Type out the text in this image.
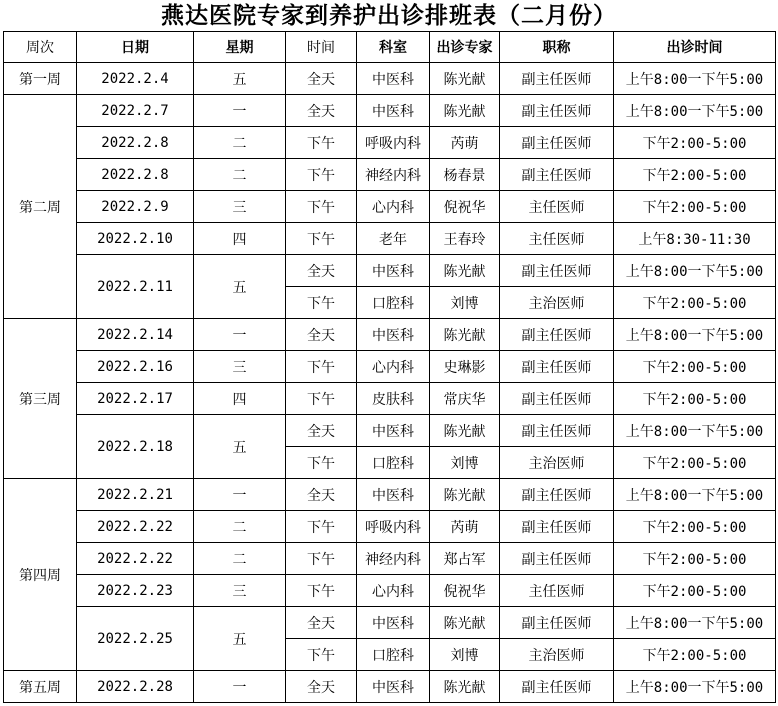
燕达医院专家到养护出诊排班表（二月份）
周次	日期	星期	时间	科室	出诊专家	职称	出诊时间
第一周	2022.2.4	五	全天	中医科	陈光献	副主任医师	上午8:00一下午5:00
第二周	2022.2.7	一	全天	中医科	陈光献	副主任医师	上午8:00一下午5:00
	2022.2.8	二	下午	呼吸内科	芮萌	副主任医师	下午2:00-5:00
	2022.2.8	二	下午	神经内科	杨春景	副主任医师	下午2:00-5:00
	2022.2.9	三	下午	心内科	倪祝华	主任医师	下午2:00-5:00
	2022.2.10	四	下午	老年	王春玲	主任医师	上午8:30-11:30
	2022.2.11	五	全天	中医科	陈光献	副主任医师	上午8:00一下午5:00
			下午	口腔科	刘博	主治医师	下午2:00-5:00
第三周	2022.2.14	一	全天	中医科	陈光献	副主任医师	上午8:00一下午5:00
	2022.2.16	三	下午	心内科	史琳影	副主任医师	下午2:00-5:00
	2022.2.17	四	下午	皮肤科	常庆华	副主任医师	下午2:00-5:00
	2022.2.18	五	全天	中医科	陈光献	副主任医师	上午8:00一下午5:00
			下午	口腔科	刘博	主治医师	下午2:00-5:00
第四周	2022.2.21	一	全天	中医科	陈光献	副主任医师	上午8:00一下午5:00
	2022.2.22	二	下午	呼吸内科	芮萌	副主任医师	下午2:00-5:00
	2022.2.22	二	下午	神经内科	郑占军	副主任医师	下午2:00-5:00
	2022.2.23	三	下午	心内科	倪祝华	主任医师	下午2:00-5:00
	2022.2.25	五	全天	中医科	陈光献	副主任医师	上午8:00一下午5:00
			下午	口腔科	刘博	主治医师	下午2:00-5:00
第五周	2022.2.28	一	全天	中医科	陈光献	副主任医师	上午8:00一下午5:00
